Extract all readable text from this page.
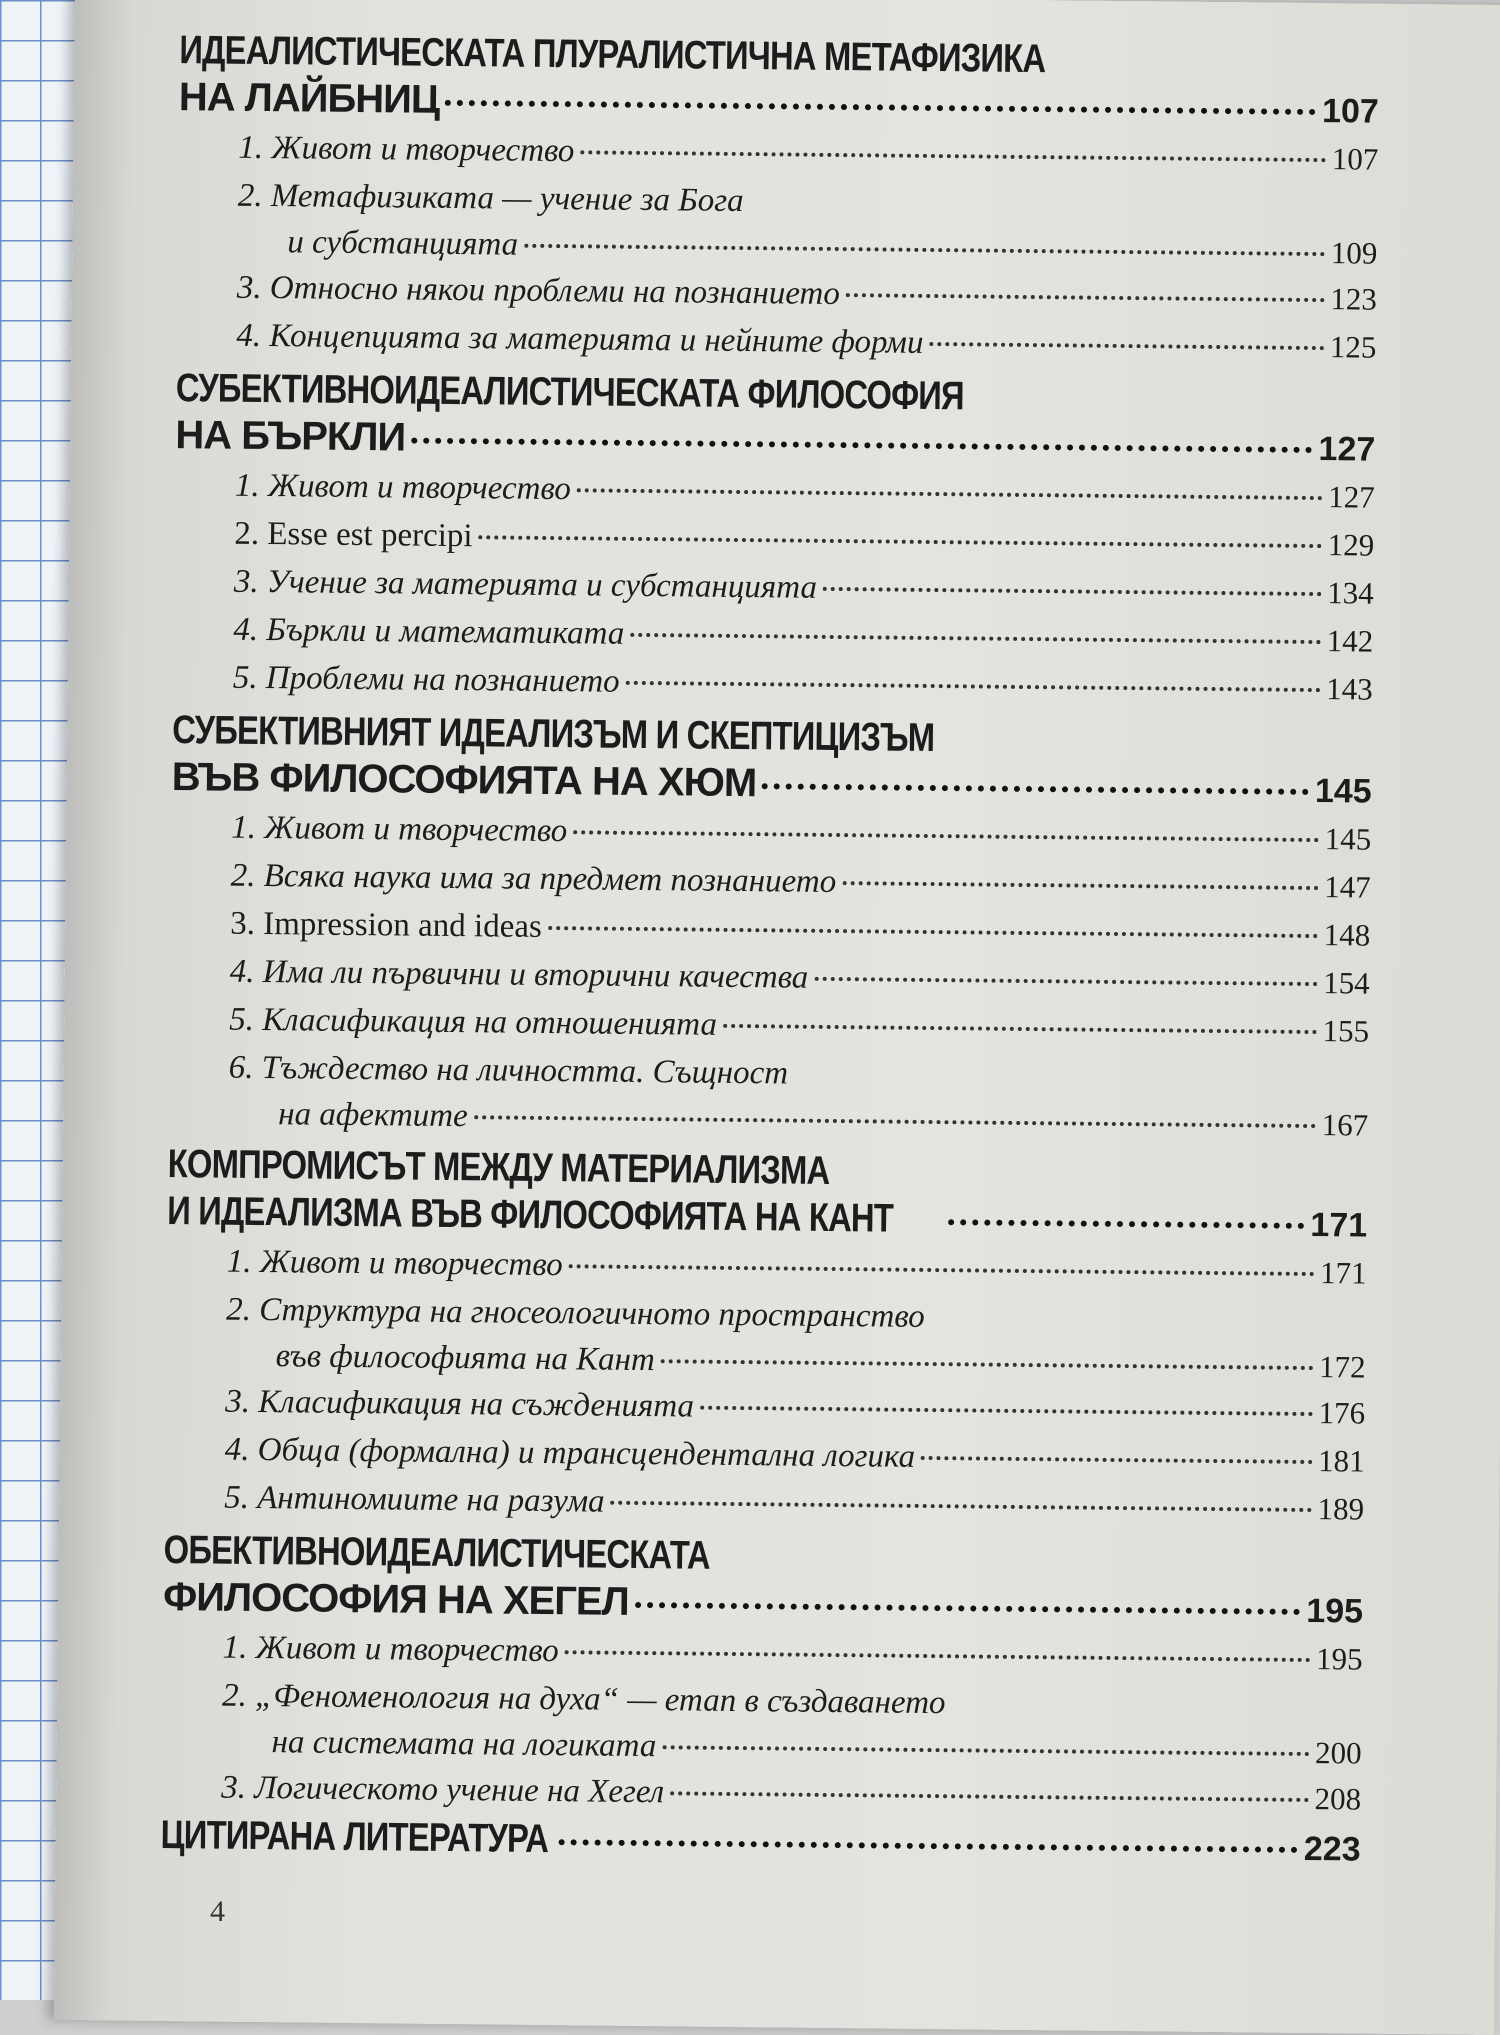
ИДЕАЛИСТИЧЕСКАТА ПЛУРАЛИСТИЧНА МЕТАФИЗИКА
НА ЛАЙБНИЦ	107
1. Живот и творчество	107
2. Метафизиката — учение за Бога
и субстанцията	109
3. Относно някои проблеми на познанието	123
4. Концепцията за материята и нейните форми	125
СУБЕКТИВНОИДЕАЛИСТИЧЕСКАТА ФИЛОСОФИЯ
НА БЪРКЛИ	127
1. Живот и творчество	127
2. Esse est percipi	129
3. Учение за материята и субстанцията	134
4. Бъркли и математиката	142
5. Проблеми на познанието	143
СУБЕКТИВНИЯТ ИДЕАЛИЗЪМ И СКЕПТИЦИЗЪМ
ВЪВ ФИЛОСОФИЯТА НА ХЮМ	145
1. Живот и творчество	145
2. Всяка наука има за предмет познанието	147
3. Impression and ideas	148
4. Има ли първични и вторични качества	154
5. Класификация на отношенията	155
6. Тъждество на личността. Същност
на афектите	167
КОМПРОМИСЪТ МЕЖДУ МАТЕРИАЛИЗМА
И ИДЕАЛИЗМА ВЪВ ФИЛОСОФИЯТА НА КАНТ	171
1. Живот и творчество	171
2. Структура на гносеологичното пространство
във философията на Кант	172
3. Класификация на съжденията	176
4. Обща (формална) и трансцендентална логика	181
5. Антиномиите на разума	189
ОБЕКТИВНОИДЕАЛИСТИЧЕСКАТА
ФИЛОСОФИЯ НА ХЕГЕЛ	195
1. Живот и творчество	195
2. „Феноменология на духа“ — етап в създаването
на системата на логиката	200
3. Логическото учение на Хегел	208
ЦИТИРАНА ЛИТЕРАТУРА	223
4
